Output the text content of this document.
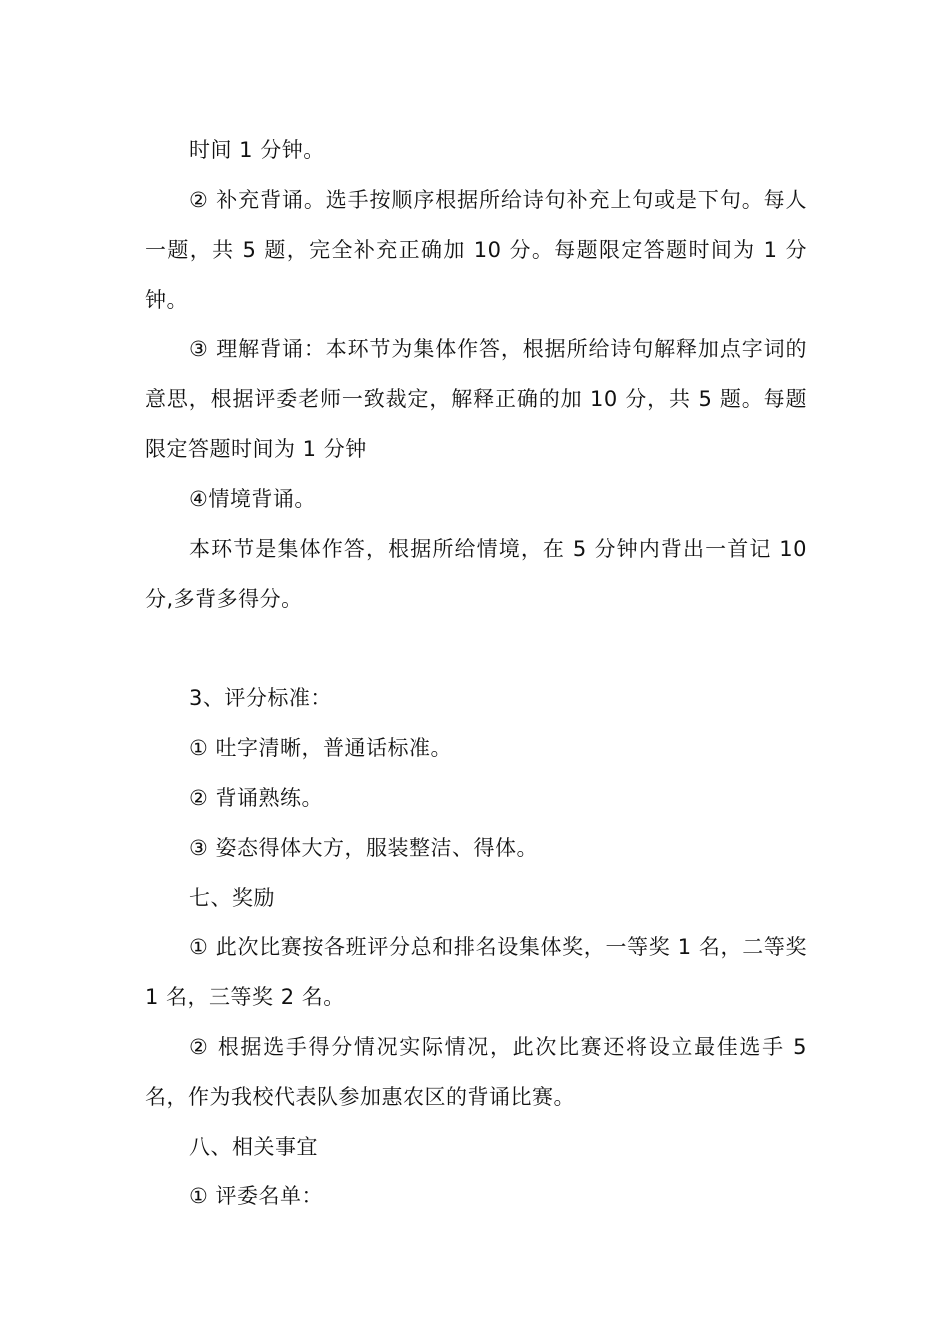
时间 1 分钟。

② 补充背诵。选手按顺序根据所给诗句补充上句或是下句。每人一题，共 5 题，完全补充正确加 10 分。每题限定答题时间为 1 分钟。

③ 理解背诵：本环节为集体作答，根据所给诗句解释加点字词的意思，根据评委老师一致裁定，解释正确的加 10 分，共 5 题。每题限定答题时间为 1 分钟

④情境背诵。

本环节是集体作答，根据所给情境，在 5 分钟内背出一首记 10 分,多背多得分。

3、评分标准：

① 吐字清晰，普通话标准。

② 背诵熟练。

③ 姿态得体大方，服装整洁、得体。

七、奖励

① 此次比赛按各班评分总和排名设集体奖，一等奖 1 名，二等奖 1 名，三等奖 2 名。

② 根据选手得分情况实际情况，此次比赛还将设立最佳选手 5 名，作为我校代表队参加惠农区的背诵比赛。

八、相关事宜

① 评委名单：
